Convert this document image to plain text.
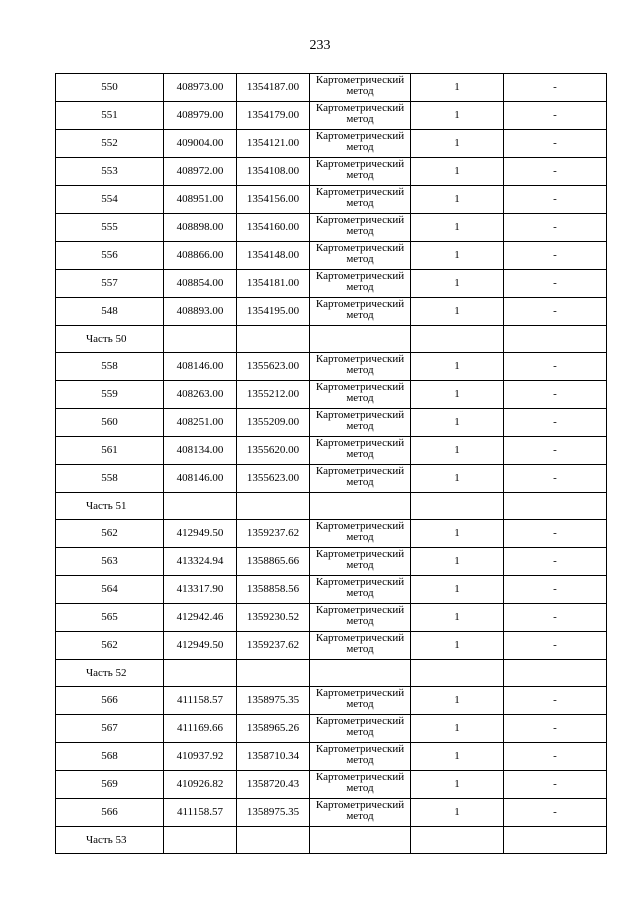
233
550	408973.00	1354187.00	Картометрический метод	1	-
551	408979.00	1354179.00	Картометрический метод	1	-
552	409004.00	1354121.00	Картометрический метод	1	-
553	408972.00	1354108.00	Картометрический метод	1	-
554	408951.00	1354156.00	Картометрический метод	1	-
555	408898.00	1354160.00	Картометрический метод	1	-
556	408866.00	1354148.00	Картометрический метод	1	-
557	408854.00	1354181.00	Картометрический метод	1	-
548	408893.00	1354195.00	Картометрический метод	1	-
Часть 50					
558	408146.00	1355623.00	Картометрический метод	1	-
559	408263.00	1355212.00	Картометрический метод	1	-
560	408251.00	1355209.00	Картометрический метод	1	-
561	408134.00	1355620.00	Картометрический метод	1	-
558	408146.00	1355623.00	Картометрический метод	1	-
Часть 51					
562	412949.50	1359237.62	Картометрический метод	1	-
563	413324.94	1358865.66	Картометрический метод	1	-
564	413317.90	1358858.56	Картометрический метод	1	-
565	412942.46	1359230.52	Картометрический метод	1	-
562	412949.50	1359237.62	Картометрический метод	1	-
Часть 52					
566	411158.57	1358975.35	Картометрический метод	1	-
567	411169.66	1358965.26	Картометрический метод	1	-
568	410937.92	1358710.34	Картометрический метод	1	-
569	410926.82	1358720.43	Картометрический метод	1	-
566	411158.57	1358975.35	Картометрический метод	1	-
Часть 53					
